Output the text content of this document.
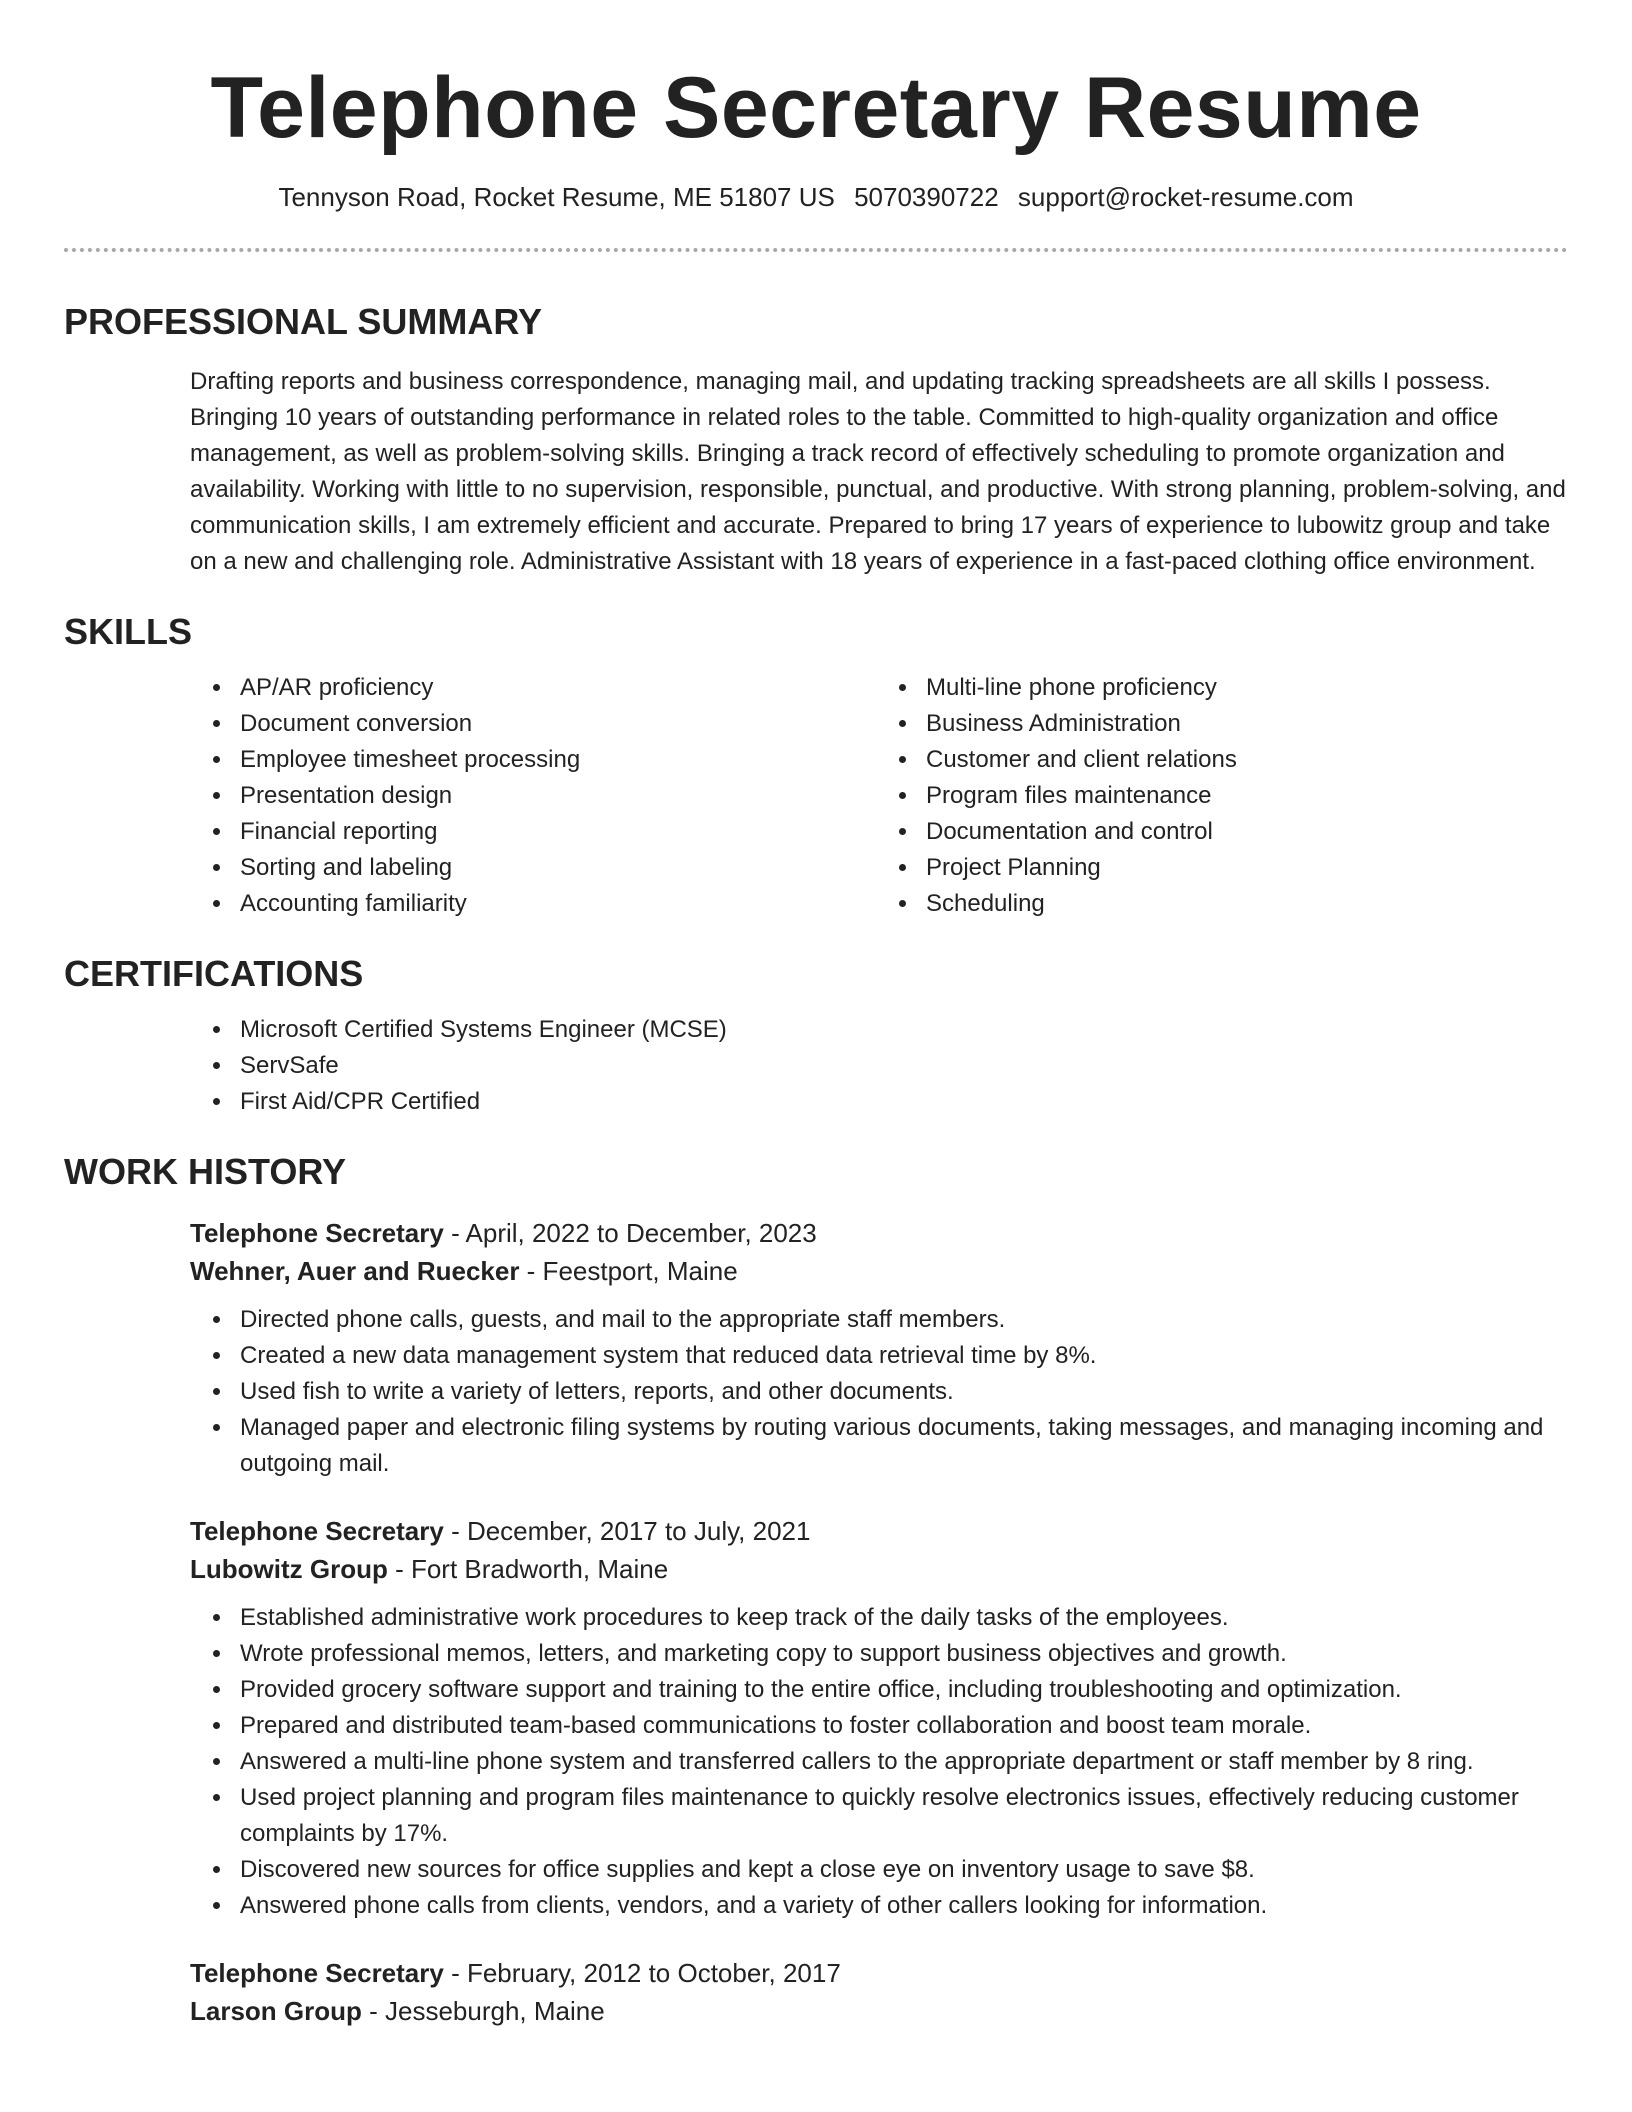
Telephone Secretary Resume
Tennyson Road, Rocket Resume, ME 51807 US 5070390722 support@rocket-resume.com
PROFESSIONAL SUMMARY

Drafting reports and business correspondence, managing mail, and updating tracking spreadsheets are all skills I possess. Bringing 10 years of outstanding performance in related roles to the table. Committed to high-quality organization and office management, as well as problem-solving skills. Bringing a track record of effectively scheduling to promote organization and availability. Working with little to no supervision, responsible, punctual, and productive. With strong planning, problem-solving, and communication skills, I am extremely efficient and accurate. Prepared to bring 17 years of experience to lubowitz group and take on a new and challenging role. Administrative Assistant with 18 years of experience in a fast-paced clothing office environment.

SKILLS
• AP/AR proficiency
• Document conversion
• Employee timesheet processing
• Presentation design
• Financial reporting
• Sorting and labeling
• Accounting familiarity
• Multi-line phone proficiency
• Business Administration
• Customer and client relations
• Program files maintenance
• Documentation and control
• Project Planning
• Scheduling
CERTIFICATIONS
• Microsoft Certified Systems Engineer (MCSE)
• ServSafe
• First Aid/CPR Certified
WORK HISTORY
Telephone Secretary - April, 2022 to December, 2023
Wehner, Auer and Ruecker - Feestport, Maine
• Directed phone calls, guests, and mail to the appropriate staff members.
• Created a new data management system that reduced data retrieval time by 8%.
• Used fish to write a variety of letters, reports, and other documents.
• Managed paper and electronic filing systems by routing various documents, taking messages, and managing incoming and outgoing mail.
Telephone Secretary - December, 2017 to July, 2021
Lubowitz Group - Fort Bradworth, Maine
• Established administrative work procedures to keep track of the daily tasks of the employees.
• Wrote professional memos, letters, and marketing copy to support business objectives and growth.
• Provided grocery software support and training to the entire office, including troubleshooting and optimization.
• Prepared and distributed team-based communications to foster collaboration and boost team morale.
• Answered a multi-line phone system and transferred callers to the appropriate department or staff member by 8 ring.
• Used project planning and program files maintenance to quickly resolve electronics issues, effectively reducing customer complaints by 17%.
• Discovered new sources for office supplies and kept a close eye on inventory usage to save $8.
• Answered phone calls from clients, vendors, and a variety of other callers looking for information.
Telephone Secretary - February, 2012 to October, 2017
Larson Group - Jesseburgh, Maine
